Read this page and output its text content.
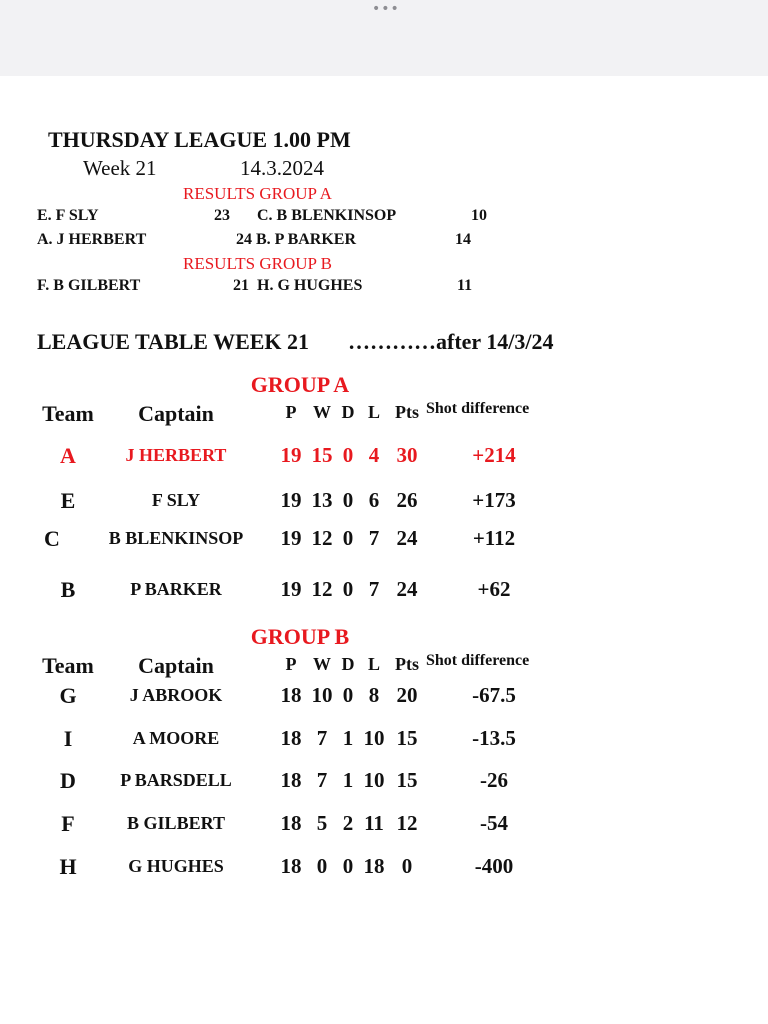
•••
THURSDAY LEAGUE 1.00 PM
Week 21	14.3.2024
RESULTS GROUP A
E. F SLY	23 C. B BLENKINSOP	10
A. J HERBERT	24 B. P BARKER	14
RESULTS GROUP B
F. B GILBERT	21 H. G HUGHES	11
LEAGUE TABLE WEEK 21 …………after 14/3/24
GROUP A
Team	Captain	P W D L Pts Shot difference
A	J HERBERT	19 15 0 4 30	+214
E	F SLY	19 13 0 6 26	+173
C	B BLENKINSOP	19 12 0 7 24	+112
B	P BARKER	19 12 0 7 24	+62
GROUP B
Team	Captain	P W D L Pts Shot difference
G	J ABROOK	18 10 0 8 20	-67.5
I	A MOORE	18 7 1 10 15	-13.5
D	P BARSDELL	18 7 1 10 15	-26
F	B GILBERT	18 5 2 11 12	-54
H	G HUGHES	18 0 0 18 0	-400
